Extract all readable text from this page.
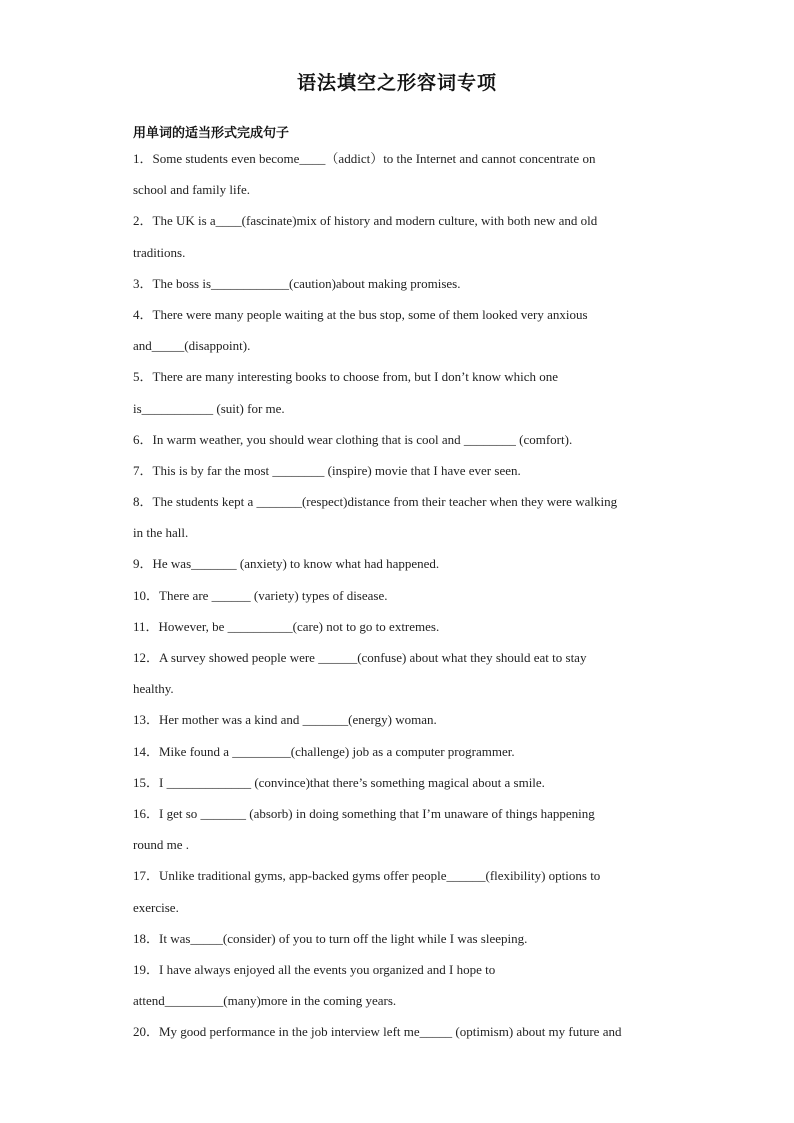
语法填空之形容词专项
用单词的适当形式完成句子
1．Some students even become____（addict）to the Internet and cannot concentrate on
school and family life.
2．The UK is a____(fascinate)mix of history and modern culture, with both new and old
traditions.
3．The boss is____________(caution)about making promises.
4．There were many people waiting at the bus stop, some of them looked very anxious
and_____(disappoint).
5．There are many interesting books to choose from, but I don’t know which one
is___________ (suit) for me.
6．In warm weather, you should wear clothing that is cool and ________ (comfort).
7．This is by far the most ________ (inspire) movie that I have ever seen.
8．The students kept a _______(respect)distance from their teacher when they were walking
in the hall.
9．He was_______ (anxiety) to know what had happened.
10．There are ______ (variety) types of disease.
11．However, be __________(care) not to go to extremes.
12．A survey showed people were ______(confuse) about what they should eat to stay
healthy.
13．Her mother was a kind and _______(energy) woman.
14．Mike found a _________(challenge) job as a computer programmer.
15．I _____________ (convince)that there’s something magical about a smile.
16．I get so _______ (absorb) in doing something that I’m unaware of things happening
round me .
17．Unlike traditional gyms, app-backed gyms offer people______(flexibility) options to
exercise.
18．It was_____(consider) of you to turn off the light while I was sleeping.
19．I have always enjoyed all the events you organized and I hope to
attend_________(many)more in the coming years.
20．My good performance in the job interview left me_____ (optimism) about my future and
